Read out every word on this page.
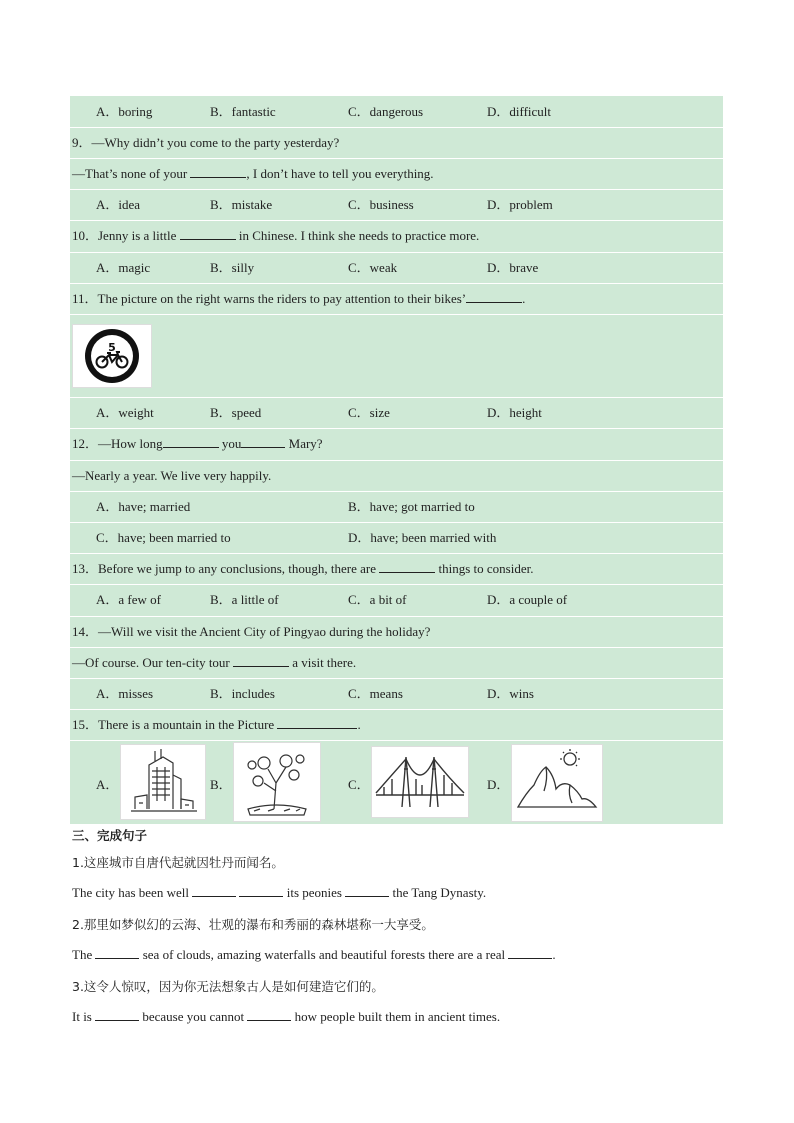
A．boring	B．fantastic	C．dangerous	D．difficult
9．—Why didn’t you come to the party yesterday?
—That’s none of your	, I don’t have to tell you everything.
A．idea	B．mistake	C．business	D．problem
10．Jenny is a little	in Chinese. I think she needs to practice more.
A．magic	B．silly	C．weak	D．brave
11．The picture on the right warns the riders to pay attention to their bikes’	.
5
A．weight	B．speed	C．size	D．height
12．—How long	you	Mary?
—Nearly a year. We live very happily.
A．have; married	B．have; got married to
C．have; been married to	D．have; been married with
13．Before we jump to any conclusions, though, there are	things to consider.
A．a few of	B．a little of	C．a bit of	D．a couple of
14．—Will we visit the Ancient City of Pingyao during the holiday?
—Of course. Our ten-city tour	a visit there.
A．misses	B．includes	C．means	D．wins
15．There is a mountain in the Picture	.
A．	B．	C．	D．
三、完成句子
1.这座城市自唐代起就因牡丹而闻名。
The city has been well	its peonies	the Tang Dynasty.
2.那里如梦似幻的云海、壮观的瀑布和秀丽的森林堪称一大享受。
The	sea of clouds, amazing waterfalls and beautiful forests there are a real	.
3.这令人惊叹，因为你无法想象古人是如何建造它们的。
It is	because you cannot	how people built them in ancient times.
